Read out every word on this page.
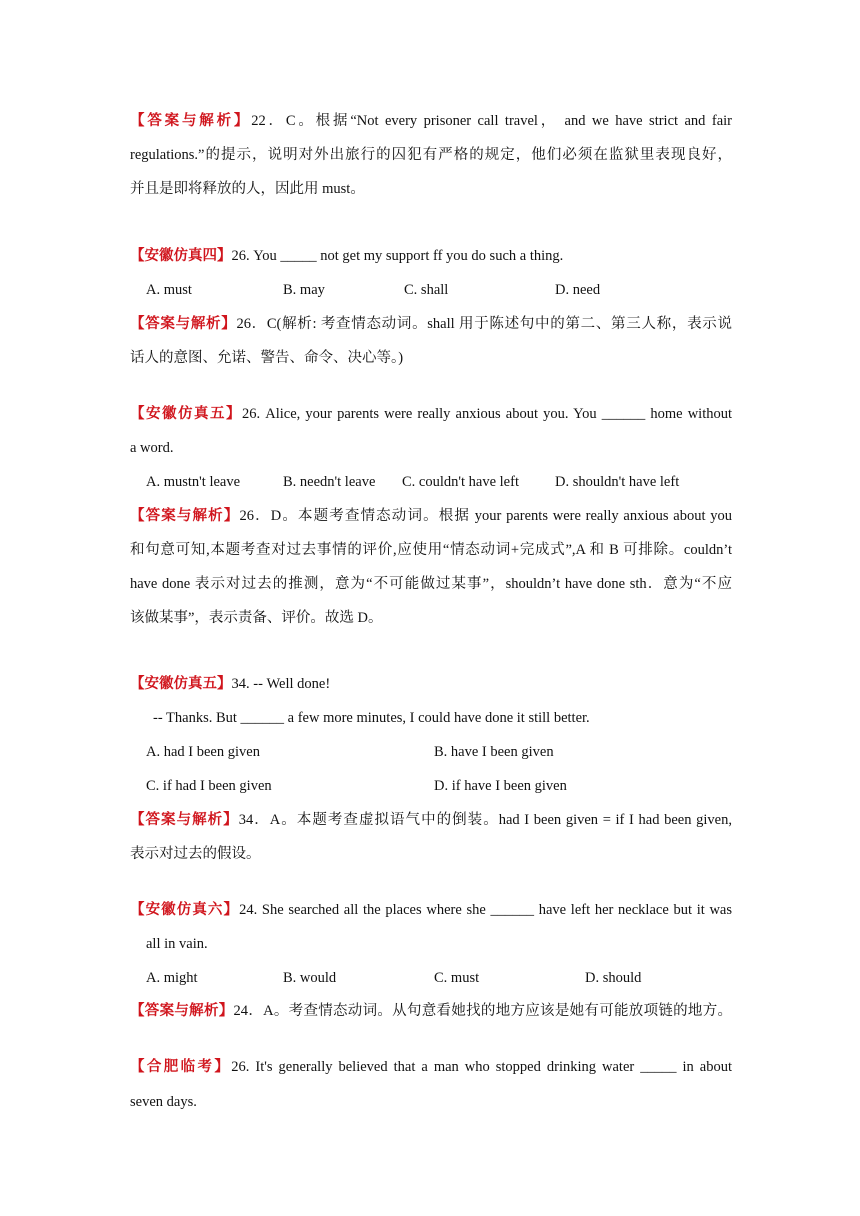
【答案与解析】22．C。根据“Not every prisoner call travel， and we have strict and fair
regulations.”的提示，说明对外出旅行的囚犯有严格的规定，他们必须在监狱里表现良好，
并且是即将释放的人，因此用 must。
【安徽仿真四】26. You _____ not get my support ff you do such a thing.
A. must	B. may	C. shall	D. need
【答案与解析】26．C(解析: 考查情态动词。shall 用于陈述句中的第二、第三人称，表示说
话人的意图、允诺、警告、命令、决心等。)
【安徽仿真五】26. Alice, your parents were really anxious about you. You ______ home without
a word.
A. mustn't leave	B. needn't leave C. couldn't have left D. shouldn't have left
【答案与解析】26．D。本题考查情态动词。根据 your parents were really anxious about you
和句意可知,本题考查对过去事情的评价,应使用“情态动词+完成式”,A 和 B 可排除。couldn’t
have done 表示对过去的推测，意为“不可能做过某事”，shouldn’t have done sth．意为“不应
该做某事”，表示责备、评价。故选 D。
【安徽仿真五】34. -- Well done!
-- Thanks. But ______ a few more minutes, I could have done it still better.
A. had I been given	B. have I been given
C. if had I been given	D. if have I been given
【答案与解析】34．A。本题考查虚拟语气中的倒装。had I been given = if I had been given,
表示对过去的假设。
【安徽仿真六】24. She searched all the places where she ______ have left her necklace but it was
all in vain.
A. might	B. would	C. must	D. should
【答案与解析】24．A。考查情态动词。从句意看她找的地方应该是她有可能放项链的地方。
【合肥临考】26. It's generally believed that a man who stopped drinking water _____ in about
seven days.
